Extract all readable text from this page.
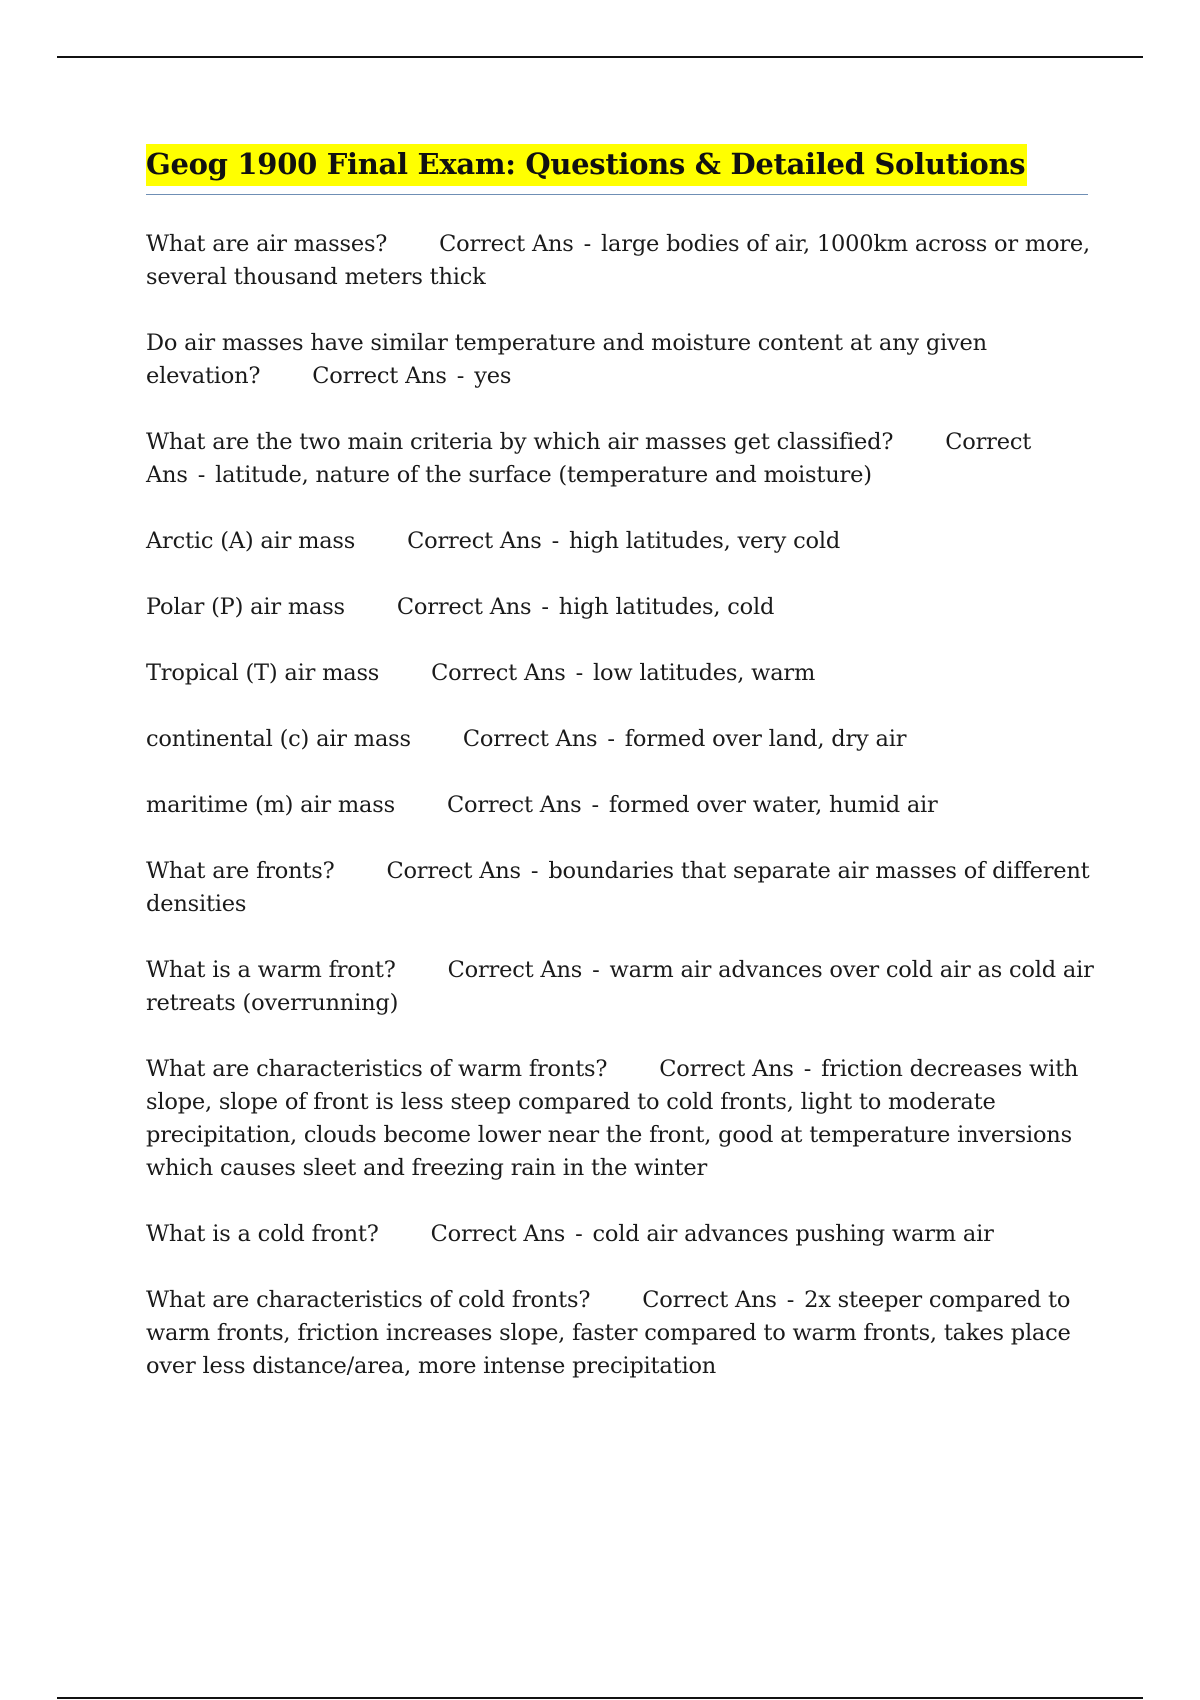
Geog 1900 Final Exam: Questions & Detailed Solutions
What are air masses? Correct Ans - large bodies of air, 1000km across or more, several thousand meters thick
Do air masses have similar temperature and moisture content at any given elevation? Correct Ans - yes
What are the two main criteria by which air masses get classified? Correct Ans - latitude, nature of the surface (temperature and moisture)
Arctic (A) air mass Correct Ans - high latitudes, very cold
Polar (P) air mass Correct Ans - high latitudes, cold
Tropical (T) air mass Correct Ans - low latitudes, warm
continental (c) air mass Correct Ans - formed over land, dry air
maritime (m) air mass Correct Ans - formed over water, humid air
What are fronts? Correct Ans - boundaries that separate air masses of different densities
What is a warm front? Correct Ans - warm air advances over cold air as cold air retreats (overrunning)
What are characteristics of warm fronts? Correct Ans - friction decreases with slope, slope of front is less steep compared to cold fronts, light to moderate precipitation, clouds become lower near the front, good at temperature inversions which causes sleet and freezing rain in the winter
What is a cold front? Correct Ans - cold air advances pushing warm air
What are characteristics of cold fronts? Correct Ans - 2x steeper compared to warm fronts, friction increases slope, faster compared to warm fronts, takes place over less distance/area, more intense precipitation
